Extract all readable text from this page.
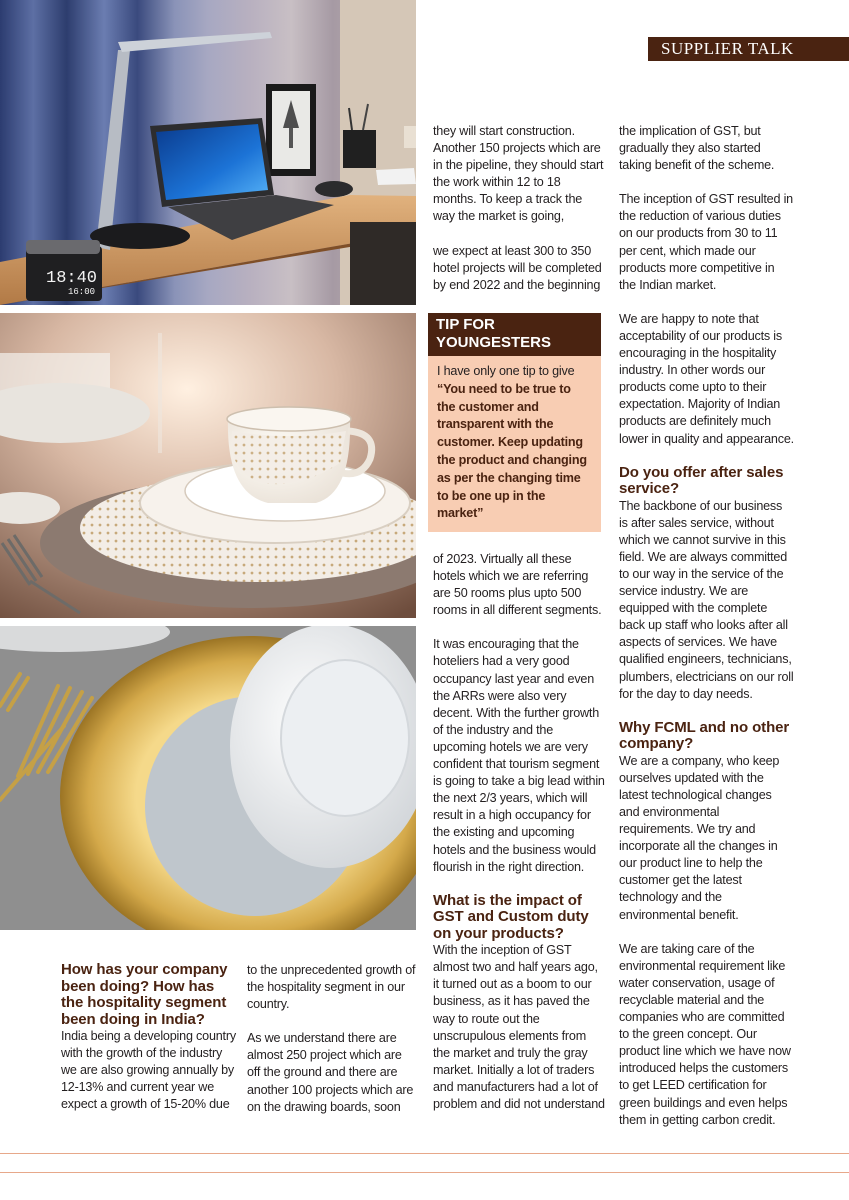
SUPPLIER TALK
18:40
16:00
How has your company been doing? How has the hospitality segment been doing in India?

India being a developing country with the growth of the industry we are also growing annually by 12-13% and current year we expect a growth of 15-20% due

to the unprecedented growth of the hospitality segment in our country.

As we understand there are almost 250 project which are off the ground and there are another 100 projects which are on the drawing boards, soon

they will start construction. Another 150 projects which are in the pipeline, they should start the work within 12 to 18 months. To keep a track the way the market is going,

we expect at least 300 to 350 hotel projects will be completed by end 2022 and the beginning

TIP FOR YOUNGESTERS
I have only one tip to give
“You need to be true to the customer and transparent with the customer. Keep updating the product and changing as per the changing time to be one up in the market”

of 2023. Virtually all these hotels which we are referring are 50 rooms plus upto 500 rooms in all different segments.

It was encouraging that the hoteliers had a very good occupancy last year and even the ARRs were also very decent. With the further growth of the industry and the upcoming hotels we are very confident that tourism segment is going to take a big lead within the next 2/3 years, which will result in a high occupancy for the existing and upcoming hotels and the business would flourish in the right direction.

What is the impact of GST and Custom duty on your products?

With the inception of GST almost two and half years ago, it turned out as a boom to our business, as it has paved the way to route out the unscrupulous elements from the market and truly the gray market. Initially a lot of traders and manufacturers had a lot of problem and did not understand

the implication of GST, but gradually they also started taking benefit of the scheme.

The inception of GST resulted in the reduction of various duties on our products from 30 to 11 per cent, which made our products more competitive in the Indian market.

We are happy to note that acceptability of our products is encouraging in the hospitality industry. In other words our products come upto to their expectation. Majority of Indian products are definitely much lower in quality and appearance.

Do you offer after sales service?

The backbone of our business is after sales service, without which we cannot survive in this field. We are always committed to our way in the service of the service industry. We are equipped with the complete back up staff who looks after all aspects of services. We have qualified engineers, technicians, plumbers, electricians on our roll for the day to day needs.

Why FCML and no other company?

We are a company, who keep ourselves updated with the latest technological changes and environmental requirements. We try and incorporate all the changes in our product line to help the customer get the latest technology and the environmental benefit.

We are taking care of the environmental requirement like water conservation, usage of recyclable material and the companies who are committed to the green concept. Our product line which we have now introduced helps the customers to get LEED certification for green buildings and even helps them in getting carbon credit.
